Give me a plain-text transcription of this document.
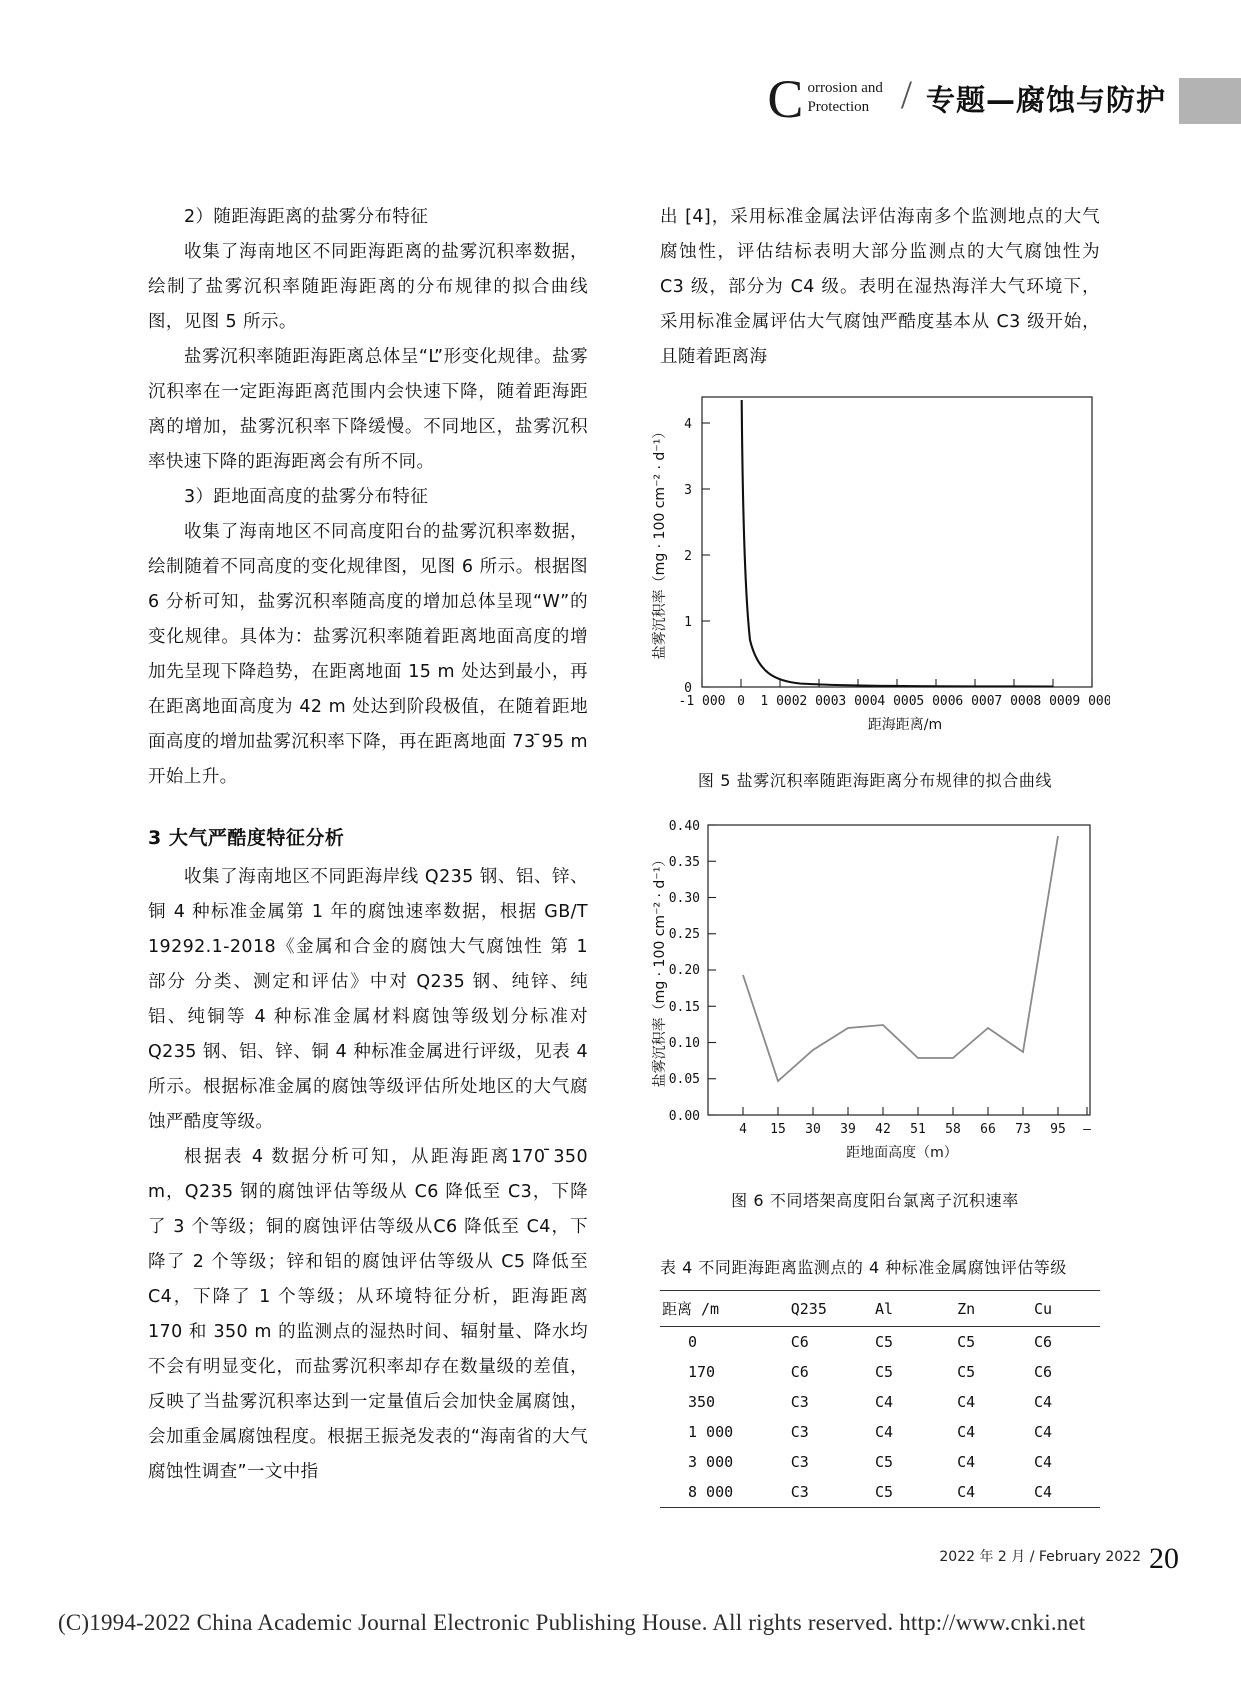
C orrosion and
Protection / 专题—腐蚀与防护

2）随距海距离的盐雾分布特征

收集了海南地区不同距海距离的盐雾沉积率数据，绘制了盐雾沉积率随距海距离的分布规律的拟合曲线图，见图 5 所示。

盐雾沉积率随距海距离总体呈“L”形变化规律。盐雾沉积率在一定距海距离范围内会快速下降，随着距海距离的增加，盐雾沉积率下降缓慢。不同地区，盐雾沉积率快速下降的距海距离会有所不同。

3）距地面高度的盐雾分布特征

收集了海南地区不同高度阳台的盐雾沉积率数据，绘制随着不同高度的变化规律图，见图 6 所示。根据图 6 分析可知，盐雾沉积率随高度的增加总体呈现“W”的变化规律。具体为：盐雾沉积率随着距离地面高度的增加先呈现下降趋势，在距离地面 15 m 处达到最小，再在距离地面高度为 42 m 处达到阶段极值，在随着距地面高度的增加盐雾沉积率下降，再在距离地面 73 ̄95 m 开始上升。

3 大气严酷度特征分析

收集了海南地区不同距海岸线 Q235 钢、铝、锌、铜 4 种标准金属第 1 年的腐蚀速率数据，根据 GB/T 19292.1-2018《金属和合金的腐蚀大气腐蚀性 第 1 部分 分类、测定和评估》中对 Q235 钢、纯锌、纯铝、纯铜等 4 种标准金属材料腐蚀等级划分标准对 Q235 钢、铝、锌、铜 4 种标准金属进行评级，见表 4 所示。根据标准金属的腐蚀等级评估所处地区的大气腐蚀严酷度等级。

根据表 4 数据分析可知，从距海距离170 ̄350 m，Q235 钢的腐蚀评估等级从 C6 降低至 C3，下降了 3 个等级；铜的腐蚀评估等级从C6 降低至 C4，下降了 2 个等级；锌和铝的腐蚀评估等级从 C5 降低至 C4，下降了 1 个等级；从环境特征分析，距海距离 170 和 350 m 的监测点的湿热时间、辐射量、降水均不会有明显变化，而盐雾沉积率却存在数量级的差值，反映了当盐雾沉积率达到一定量值后会加快金属腐蚀，会加重金属腐蚀程度。根据王振尧发表的“海南省的大气腐蚀性调查”一文中指

出 [4]，采用标准金属法评估海南多个监测地点的大气腐蚀性，评估结标表明大部分监测点的大气腐蚀性为 C3 级，部分为 C4 级。表明在湿热海洋大气环境下，采用标准金属评估大气腐蚀严酷度基本从 C3 级开始，且随着距离海

0
1
2
3
4
-1 000 0 1 000 2 000 3 000 4 000 5 000 6 000 7 000 8 000 9 000
距海距离/m
盐雾沉积率（mg · 100 cm⁻² · d⁻¹）
图 5 盐雾沉积率随距海距离分布规律的拟合曲线
0.00
0.05
0.10
0.15
0.20
0.25
0.30
0.35
0.40
4 15 30 39 42 51 58 66 73 95 —
距地面高度（m）
盐雾沉积率（mg · 100 cm⁻² · d⁻¹）
图 6 不同塔架高度阳台氯离子沉积速率
表 4 不同距海距离监测点的 4 种标准金属腐蚀评估等级
距离 /m	Q235	Al	Zn	Cu
0	C6	C5	C5	C6
170	C6	C5	C5	C6
350	C3	C4	C4	C4
1 000	C3	C4	C4	C4
3 000	C3	C5	C4	C4
8 000	C3	C5	C4	C4
2022 年 2 月 / February 2022 20
(C)1994-2022 China Academic Journal Electronic Publishing House. All rights reserved. http://www.cnki.net
